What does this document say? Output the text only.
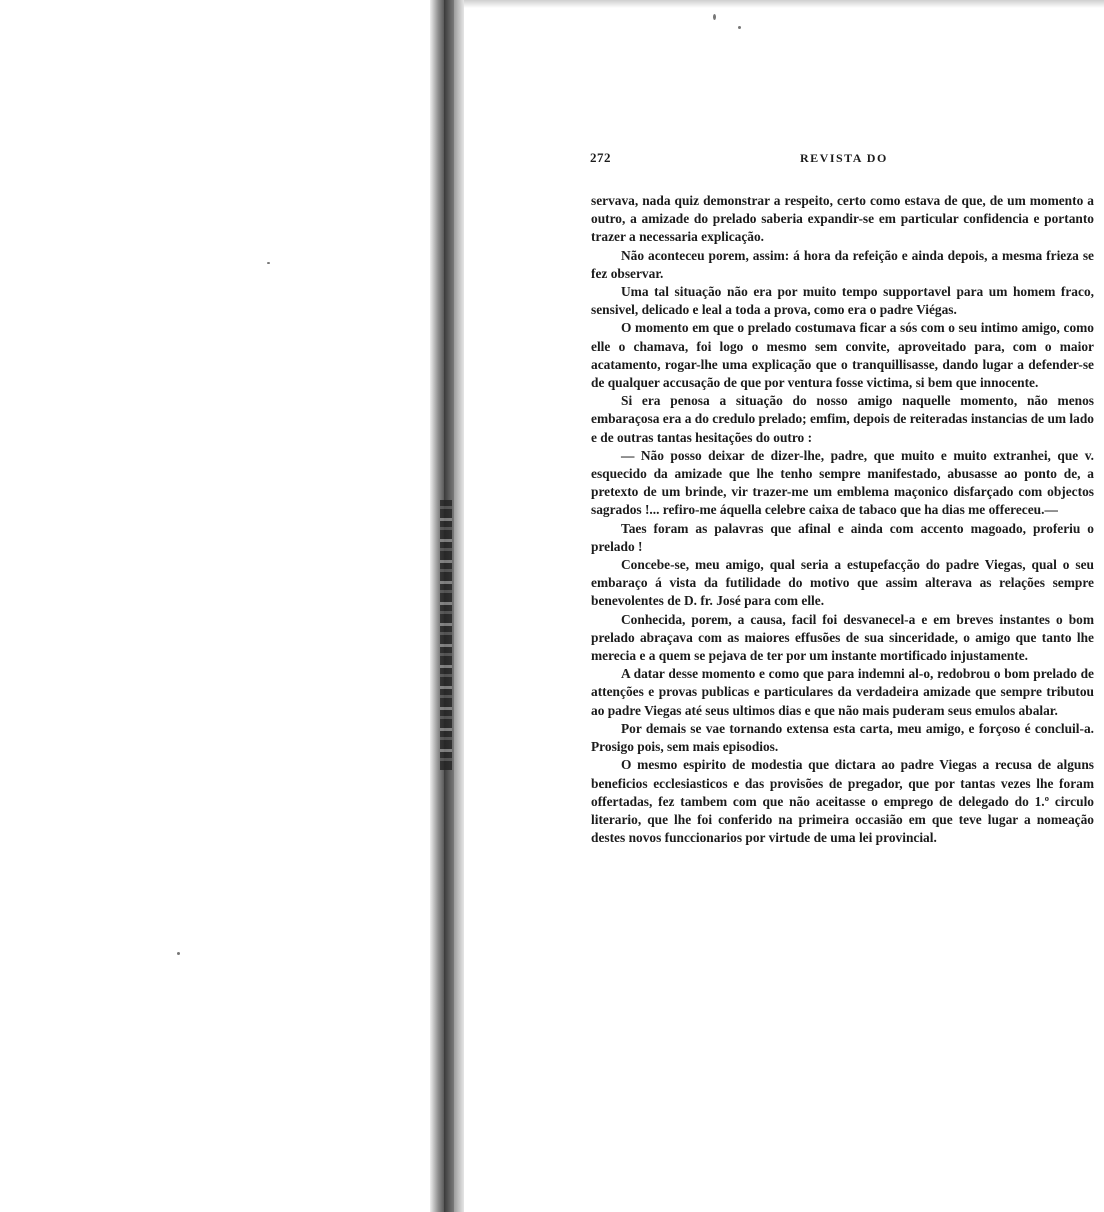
272	REVISTA DO

servava, nada quiz demonstrar a respeito, certo como estava de que, de um momento a outro, a amizade do prelado saberia expandir-se em particular confidencia e portanto trazer a necessaria explicação.

Não aconteceu porem, assim: á hora da refeição e ainda depois, a mesma frieza se fez observar.

Uma tal situação não era por muito tempo supportavel para um homem fraco, sensivel, delicado e leal a toda a prova, como era o padre Viégas.

O momento em que o prelado costumava ficar a sós com o seu intimo amigo, como elle o chamava, foi logo o mesmo sem convite, aproveitado para, com o maior acatamento, rogar-lhe uma explicação que o tranquillisasse, dando lugar a defender-se de qualquer accusação de que por ventura fosse victima, si bem que innocente.

Si era penosa a situação do nosso amigo naquelle momento, não menos embaraçosa era a do credulo prelado; emfim, depois de reiteradas instancias de um lado e de outras tantas hesitações do outro :

— Não posso deixar de dizer-lhe, padre, que muito e muito extranhei, que v. esquecido da amizade que lhe tenho sempre manifestado, abusasse ao ponto de, a pretexto de um brinde, vir trazer-me um emblema maçonico disfarçado com objectos sagrados !... refiro-me áquella celebre caixa de tabaco que ha dias me offereceu.—

Taes foram as palavras que afinal e ainda com accento magoado, proferiu o prelado !

Concebe-se, meu amigo, qual seria a estupefacção do padre Viegas, qual o seu embaraço á vista da futilidade do motivo que assim alterava as relações sempre benevolentes de D. fr. José para com elle.

Conhecida, porem, a causa, facil foi desvanecel-a e em breves instantes o bom prelado abraçava com as maiores effusões de sua sinceridade, o amigo que tanto lhe merecia e a quem se pejava de ter por um instante mortificado injustamente.

A datar desse momento e como que para indemni al-o, redobrou o bom prelado de attenções e provas publicas e particulares da verdadeira amizade que sempre tributou ao padre Viegas até seus ultimos dias e que não mais puderam seus emulos abalar.

Por demais se vae tornando extensa esta carta, meu amigo, e forçoso é concluil-a. Prosigo pois, sem mais episodios.

O mesmo espirito de modestia que dictara ao padre Viegas a recusa de alguns beneficios ecclesiasticos e das provisões de pregador, que por tantas vezes lhe foram offertadas, fez tambem com que não aceitasse o emprego de delegado do 1.º circulo literario, que lhe foi conferido na primeira occasião em que teve lugar a nomeação destes novos funccionarios por virtude de uma lei provincial.
